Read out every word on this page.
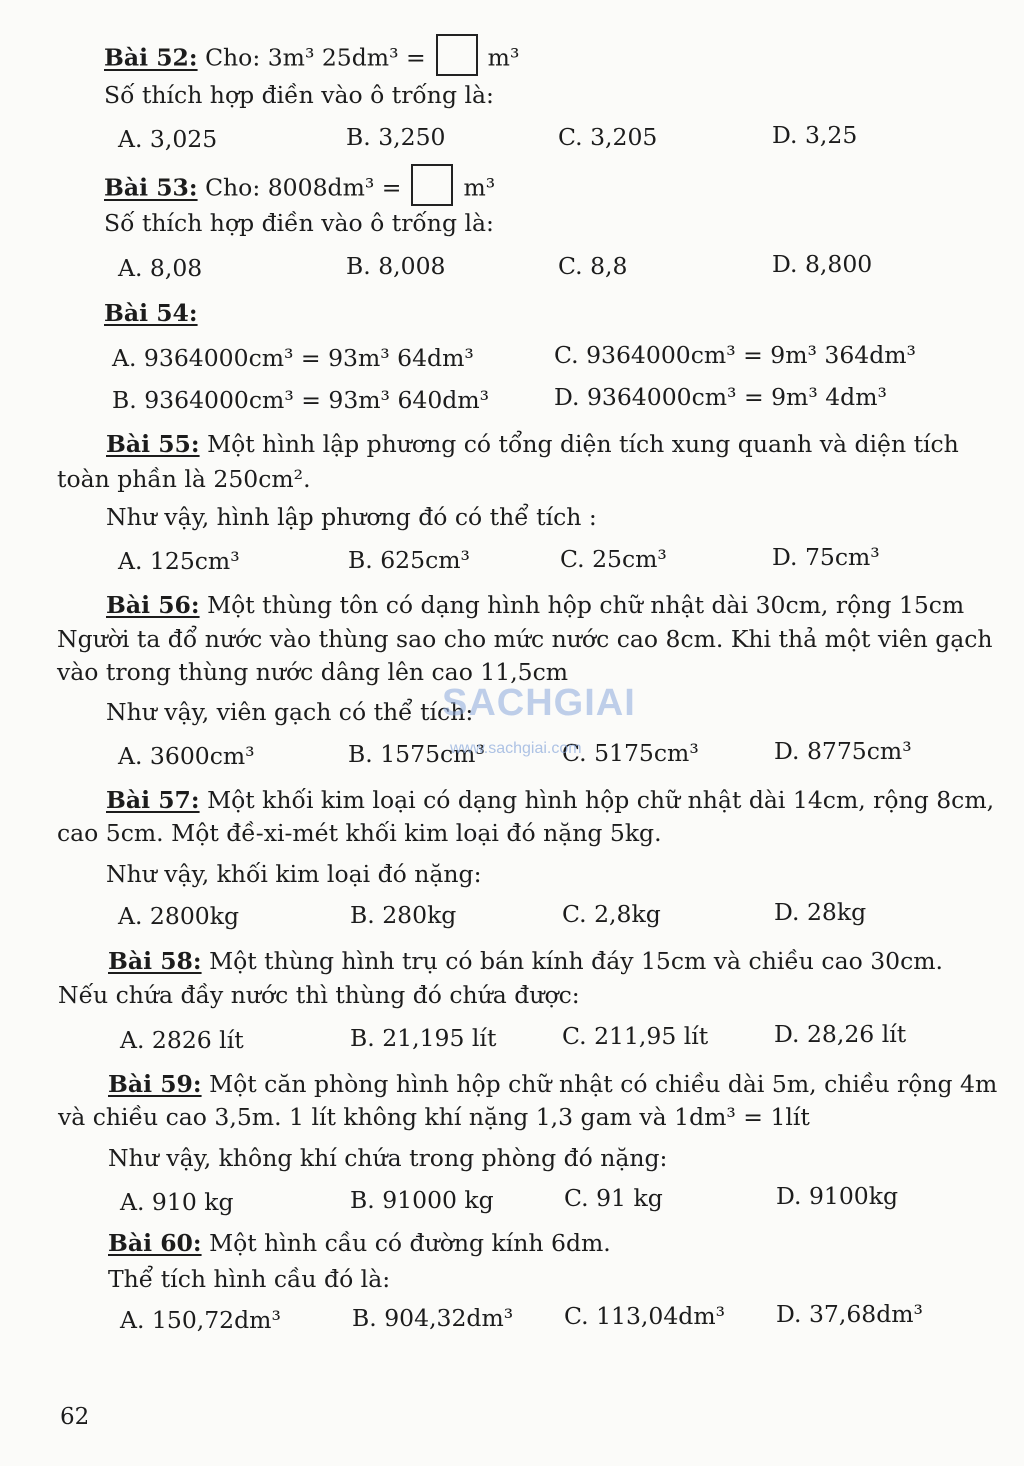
Bài 52: Cho: 3m³ 25dm³ =	m³
Số thích hợp điền vào ô trống là:
A. 3,025	B. 3,250	C. 3,205	D. 3,25
Bài 53: Cho: 8008dm³ =	m³
Số thích hợp điền vào ô trống là:
A. 8,08	B. 8,008	C. 8,8	D. 8,800
Bài 54:
A. 9364000cm³ = 93m³ 64dm³
B. 9364000cm³ = 93m³ 640dm³
C. 9364000cm³ = 9m³ 364dm³
D. 9364000cm³ = 9m³ 4dm³
Bài 55: Một hình lập phương có tổng diện tích xung quanh và diện tích
toàn phần là 250cm².
Như vậy, hình lập phương đó có thể tích :
A. 125cm³	B. 625cm³	C. 25cm³	D. 75cm³
Bài 56: Một thùng tôn có dạng hình hộp chữ nhật dài 30cm, rộng 15cm
Người ta đổ nước vào thùng sao cho mức nước cao 8cm. Khi thả một viên gạch
vào trong thùng nước dâng lên cao 11,5cm
Như vậy, viên gạch có thể tích:
A. 3600cm³	B. 1575cm³	C. 5175cm³	D. 8775cm³
SACHGIAI
www.sachgiai.com
Bài 57: Một khối kim loại có dạng hình hộp chữ nhật dài 14cm, rộng 8cm,
cao 5cm. Một đề-xi-mét khối kim loại đó nặng 5kg.
Như vậy, khối kim loại đó nặng:
A. 2800kg	B. 280kg	C. 2,8kg	D. 28kg
Bài 58: Một thùng hình trụ có bán kính đáy 15cm và chiều cao 30cm.
Nếu chứa đầy nước thì thùng đó chứa được:
A. 2826 lít	B. 21,195 lít	C. 211,95 lít	D. 28,26 lít
Bài 59: Một căn phòng hình hộp chữ nhật có chiều dài 5m, chiều rộng 4m
và chiều cao 3,5m. 1 lít không khí nặng 1,3 gam và 1dm³ = 1lít
Như vậy, không khí chứa trong phòng đó nặng:
A. 910 kg	B. 91000 kg	C. 91 kg	D. 9100kg
Bài 60: Một hình cầu có đường kính 6dm.
Thể tích hình cầu đó là:
A. 150,72dm³	B. 904,32dm³ C. 113,04dm³ D. 37,68dm³
62
